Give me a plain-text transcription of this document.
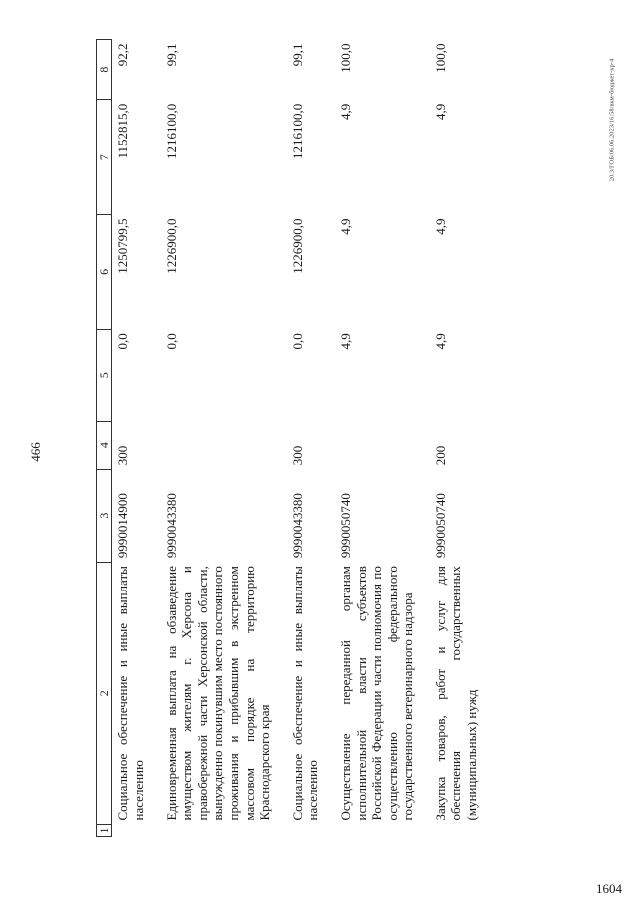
466
1604
20.3/ГОБ/06.06.2023/16:58/вкм-бюджет-кр-4
1	2	3	4	5	6	7	8
	Социальное обеспечение и иные выплаты населению	9990014900	300	0,0	1250799,5	1152815,0	92,2
	Единовременная выплата на обзаведение имуществом жителям г. Херсона и правобережной части Херсонской области, вынужденно покинувшим место постоянного проживания и прибывшим в экстренном массовом порядке на территорию Краснодарского края	9990043380		0,0	1226900,0	1216100,0	99,1
	Социальное обеспечение и иные выплаты населению	9990043380	300	0,0	1226900,0	1216100,0	99,1
	Осуществление переданной органам исполнительной власти субъектов Российской Федерации части полномочия по осуществлению федерального государственного ветеринарного надзора	9990050740		4,9	4,9	4,9	100,0
	Закупка товаров, работ и услуг для обеспечения государственных (муниципальных) нужд	9990050740	200	4,9	4,9	4,9	100,0
